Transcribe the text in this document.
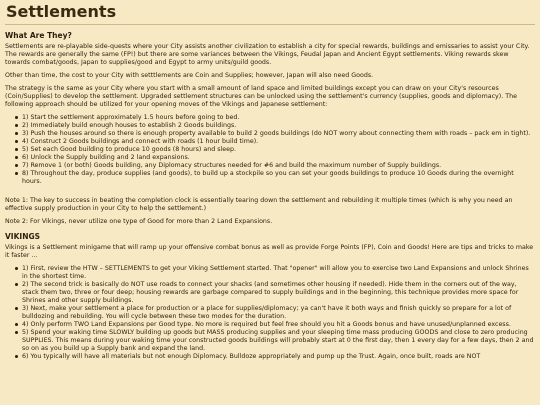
Settlements
What Are They?

Settlements are re-playable side-quests where your City assists another civilization to establish a city for special rewards, buildings and emissaries to assist your City. The rewards are generally the same (FP!) but there are some variances between the Vikings, Feudal Japan and Ancient Egypt settlements. Viking rewards skew towards combat/goods, Japan to supplies/good and Egypt to army units/guild goods.

Other than time, the cost to your City with setttlements are Coin and Supplies; however, Japan will also need Goods.

The strategy is the same as your City where you start with a small amount of land space and limited buildings except you can draw on your City's resources (Coin/Supplies) to develop the settlement. Upgraded settlement structures can be unlocked using the settlement's currency (supplies, goods and diplomacy). The following approach should be utilized for your opening moves of the Vikings and Japanese settlement:

1) Start the settlement approximately 1.5 hours before going to bed.
2) Immediately build enough houses to establish 2 Goods buildings.
3) Push the houses around so there is enough property available to build 2 goods buildings (do NOT worry about connecting them with roads – pack em in tight).
4) Construct 2 Goods buildings and connect with roads (1 hour build time).
5) Set each Good building to produce 10 goods (8 hours) and sleep.
6) Unlock the Supply building and 2 land expansions.
7) Remove 1 (or both) Goods building, any Diplomacy structures needed for #6 and build the maximum number of Supply buildings.
8) Throughout the day, produce supplies (and goods), to build up a stockpile so you can set your goods buildings to produce 10 Goods during the overnight hours.

Note 1: The key to success in beating the completion clock is essentially tearing down the settlement and rebuilding it multiple times (which is why you need an effective supply production in your City to help the settlement.)

Note 2: For Vikings, never utilize one type of Good for more than 2 Land Expansions.

VIKINGS

Vikings is a Settlement minigame that will ramp up your offensive combat bonus as well as provide Forge Points (FP), Coin and Goods! Here are tips and tricks to make it faster ...

1) First, review the HTW – SETTLEMENTS to get your Viking Settlement started. That "opener" will allow you to exercise two Land Expansions and unlock Shrines in the shortest time.
2) The second trick is basically do NOT use roads to connect your shacks (and sometimes other housing if needed). Hide them in the corners out of the way, stack them two, three or four deep; housing rewards are garbage compared to supply buildings and in the beginning, this technique provides more space for Shrines and other supply buildings.
3) Next, make your settlement a place for production or a place for supplies/diplomacy; ya can't have it both ways and finish quickly so prepare for a lot of bulldozing and rebuilding. You will cycle between these two modes for the duration.
4) Only perform TWO Land Expansions per Good type. No more is required but feel free should you hit a Goods bonus and have unused/unplanned excess.
5) Spend your waking time SLOWLY building up goods but MASS producing supplies and your sleeping time mass producing GOODS and close to zero producing SUPPLIES. This means during your waking time your constructed goods buildings will probably start at 0 the first day, then 1 every day for a few days, then 2 and so on as you build up a Supply bank and expand the land.
6) You typically will have all materials but not enough Diplomacy. Bulldoze appropriately and pump up the Trust. Again, once built, roads are NOT
